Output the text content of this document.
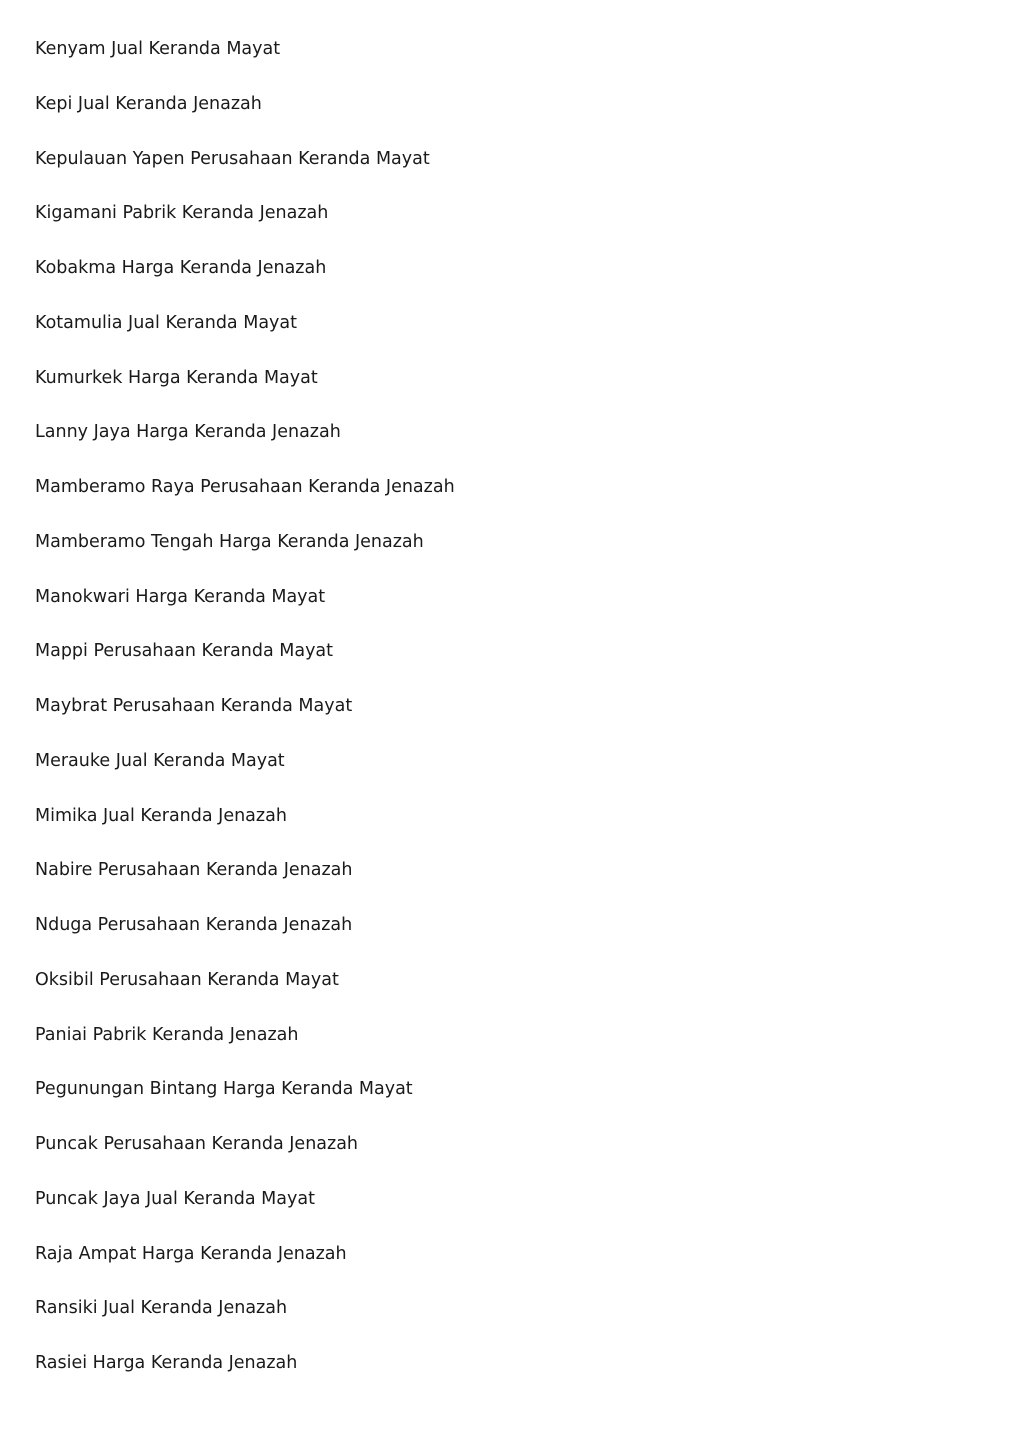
Kenyam Jual Keranda Mayat
Kepi Jual Keranda Jenazah
Kepulauan Yapen Perusahaan Keranda Mayat
Kigamani Pabrik Keranda Jenazah
Kobakma Harga Keranda Jenazah
Kotamulia Jual Keranda Mayat
Kumurkek Harga Keranda Mayat
Lanny Jaya Harga Keranda Jenazah
Mamberamo Raya Perusahaan Keranda Jenazah
Mamberamo Tengah Harga Keranda Jenazah
Manokwari Harga Keranda Mayat
Mappi Perusahaan Keranda Mayat
Maybrat Perusahaan Keranda Mayat
Merauke Jual Keranda Mayat
Mimika Jual Keranda Jenazah
Nabire Perusahaan Keranda Jenazah
Nduga Perusahaan Keranda Jenazah
Oksibil Perusahaan Keranda Mayat
Paniai Pabrik Keranda Jenazah
Pegunungan Bintang Harga Keranda Mayat
Puncak Perusahaan Keranda Jenazah
Puncak Jaya Jual Keranda Mayat
Raja Ampat Harga Keranda Jenazah
Ransiki Jual Keranda Jenazah
Rasiei Harga Keranda Jenazah
